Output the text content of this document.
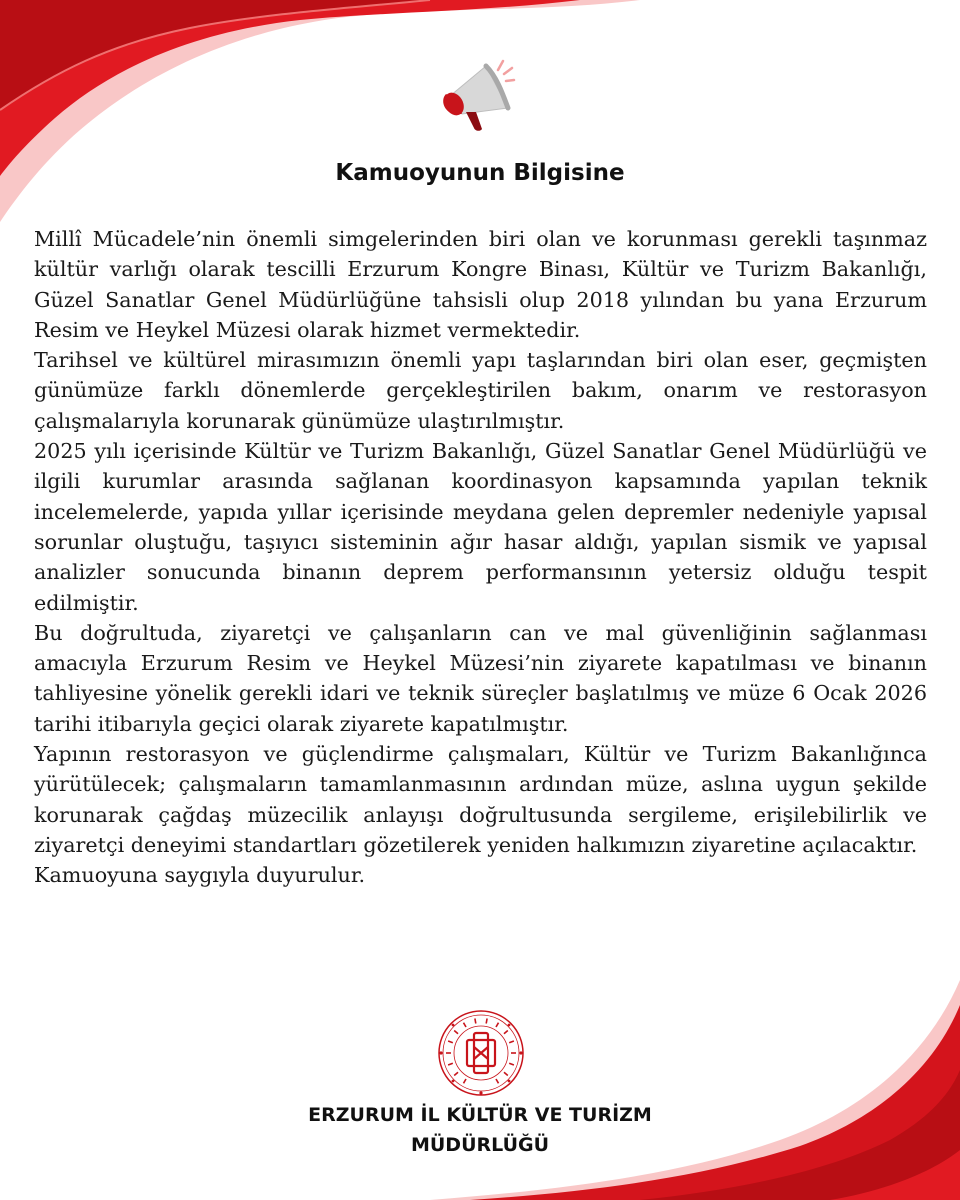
Kamuoyunun Bilgisine

Millî Mücadele’nin önemli simgelerinden biri olan ve korunması gerekli taşınmaz kültür varlığı olarak tescilli Erzurum Kongre Binası, Kültür ve Turizm Bakanlığı, Güzel Sanatlar Genel Müdürlüğüne tahsisli olup 2018 yılından bu yana Erzurum Resim ve Heykel Müzesi olarak hizmet vermektedir.

Tarihsel ve kültürel mirasımızın önemli yapı taşlarından biri olan eser, geçmişten günümüze farklı dönemlerde gerçekleştirilen bakım, onarım ve restorasyon çalışmalarıyla korunarak günümüze ulaştırılmıştır.

2025 yılı içerisinde Kültür ve Turizm Bakanlığı, Güzel Sanatlar Genel Müdürlüğü ve ilgili kurumlar arasında sağlanan koordinasyon kapsamında yapılan teknik incelemelerde, yapıda yıllar içerisinde meydana gelen depremler nedeniyle yapısal sorunlar oluştuğu, taşıyıcı sisteminin ağır hasar aldığı, yapılan sismik ve yapısal analizler sonucunda binanın deprem performansının yetersiz olduğu tespit edilmiştir.

Bu doğrultuda, ziyaretçi ve çalışanların can ve mal güvenliğinin sağlanması amacıyla Erzurum Resim ve Heykel Müzesi’nin ziyarete kapatılması ve binanın tahliyesine yönelik gerekli idari ve teknik süreçler başlatılmış ve müze 6 Ocak 2026 tarihi itibarıyla geçici olarak ziyarete kapatılmıştır.

Yapının restorasyon ve güçlendirme çalışmaları, Kültür ve Turizm Bakanlığınca yürütülecek; çalışmaların tamamlanmasının ardından müze, aslına uygun şekilde korunarak çağdaş müzecilik anlayışı doğrultusunda sergileme, erişilebilirlik ve ziyaretçi deneyimi standartları gözetilerek yeniden halkımızın ziyaretine açılacaktır.

Kamuoyuna saygıyla duyurulur.

ERZURUM İL KÜLTÜR VE TURİZM
MÜDÜRLÜĞÜ
